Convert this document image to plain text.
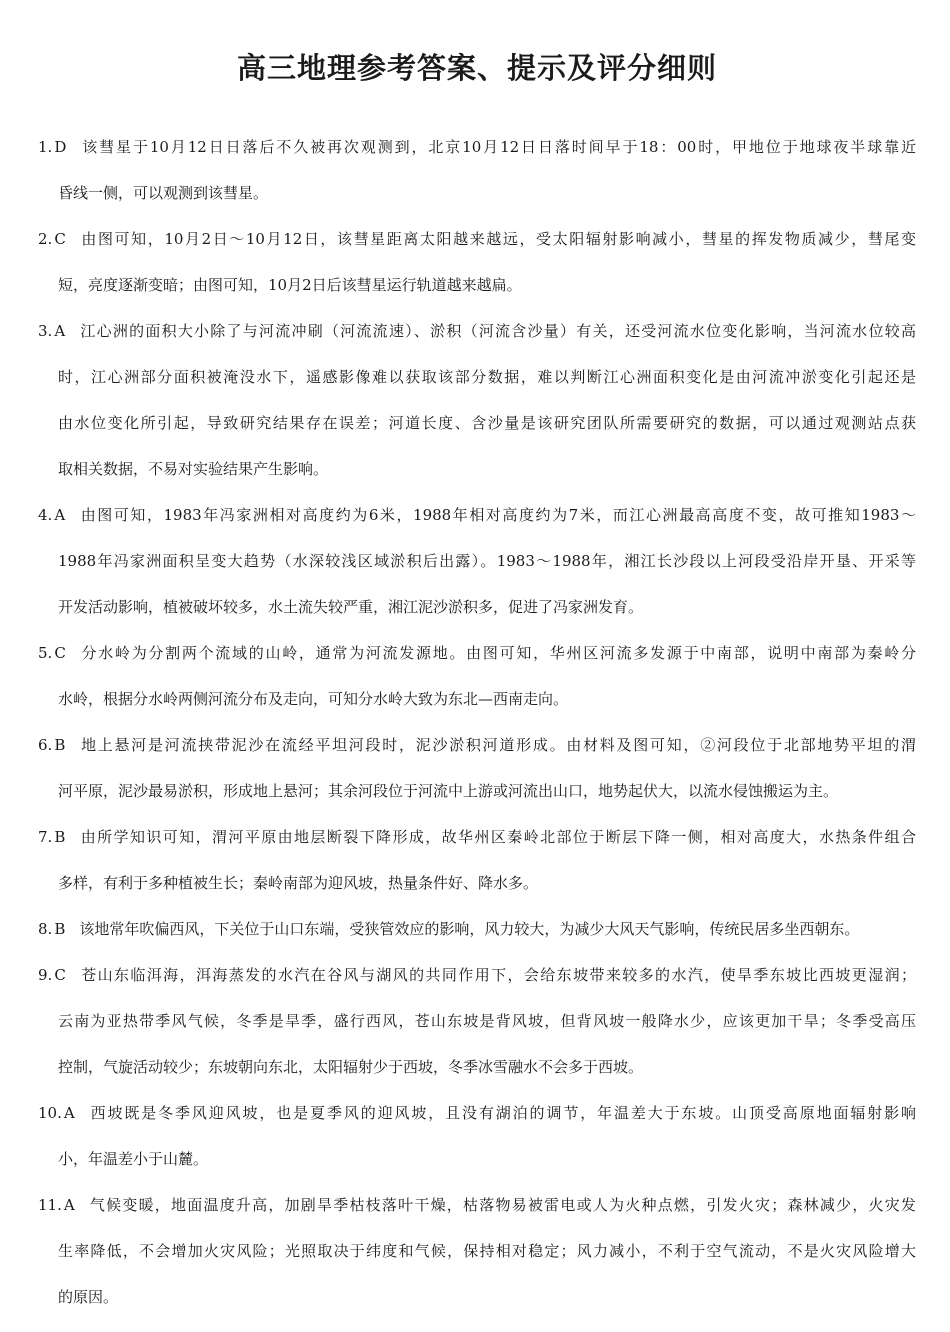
高三地理参考答案、提示及评分细则
1. D 该彗星于10月12日日落后不久被再次观测到，北京10月12日日落时间早于18：00时，甲地位于地球夜半球靠近
昏线一侧，可以观测到该彗星。
2. C 由图可知，10月2日～10月12日，该彗星距离太阳越来越远，受太阳辐射影响减小，彗星的挥发物质减少，彗尾变
短，亮度逐渐变暗；由图可知，10月2日后该彗星运行轨道越来越扁。
3. A 江心洲的面积大小除了与河流冲刷（河流流速）、淤积（河流含沙量）有关，还受河流水位变化影响，当河流水位较高
时，江心洲部分面积被淹没水下，遥感影像难以获取该部分数据，难以判断江心洲面积变化是由河流冲淤变化引起还是
由水位变化所引起，导致研究结果存在误差；河道长度、含沙量是该研究团队所需要研究的数据，可以通过观测站点获
取相关数据，不易对实验结果产生影响。
4. A 由图可知，1983年冯家洲相对高度约为6米，1988年相对高度约为7米，而江心洲最高高度不变，故可推知1983～
1988年冯家洲面积呈变大趋势（水深较浅区域淤积后出露）。1983～1988年，湘江长沙段以上河段受沿岸开垦、开采等
开发活动影响，植被破坏较多，水土流失较严重，湘江泥沙淤积多，促进了冯家洲发育。
5. C 分水岭为分割两个流域的山岭，通常为河流发源地。由图可知，华州区河流多发源于中南部，说明中南部为秦岭分
水岭，根据分水岭两侧河流分布及走向，可知分水岭大致为东北—西南走向。
6. B 地上悬河是河流挟带泥沙在流经平坦河段时，泥沙淤积河道形成。由材料及图可知，②河段位于北部地势平坦的渭
河平原，泥沙最易淤积，形成地上悬河；其余河段位于河流中上游或河流出山口，地势起伏大，以流水侵蚀搬运为主。
7. B 由所学知识可知，渭河平原由地层断裂下降形成，故华州区秦岭北部位于断层下降一侧，相对高度大，水热条件组合
多样，有利于多种植被生长；秦岭南部为迎风坡，热量条件好、降水多。
8. B 该地常年吹偏西风，下关位于山口东端，受狭管效应的影响，风力较大，为减少大风天气影响，传统民居多坐西朝东。
9. C 苍山东临洱海，洱海蒸发的水汽在谷风与湖风的共同作用下，会给东坡带来较多的水汽，使旱季东坡比西坡更湿润；
云南为亚热带季风气候，冬季是旱季，盛行西风，苍山东坡是背风坡，但背风坡一般降水少，应该更加干旱；冬季受高压
控制，气旋活动较少；东坡朝向东北，太阳辐射少于西坡，冬季冰雪融水不会多于西坡。
10. A 西坡既是冬季风迎风坡，也是夏季风的迎风坡，且没有湖泊的调节，年温差大于东坡。山顶受高原地面辐射影响
小，年温差小于山麓。
11. A 气候变暖，地面温度升高，加剧旱季枯枝落叶干燥，枯落物易被雷电或人为火种点燃，引发火灾；森林减少，火灾发
生率降低，不会增加火灾风险；光照取决于纬度和气候，保持相对稳定；风力减小，不利于空气流动，不是火灾风险增大
的原因。
